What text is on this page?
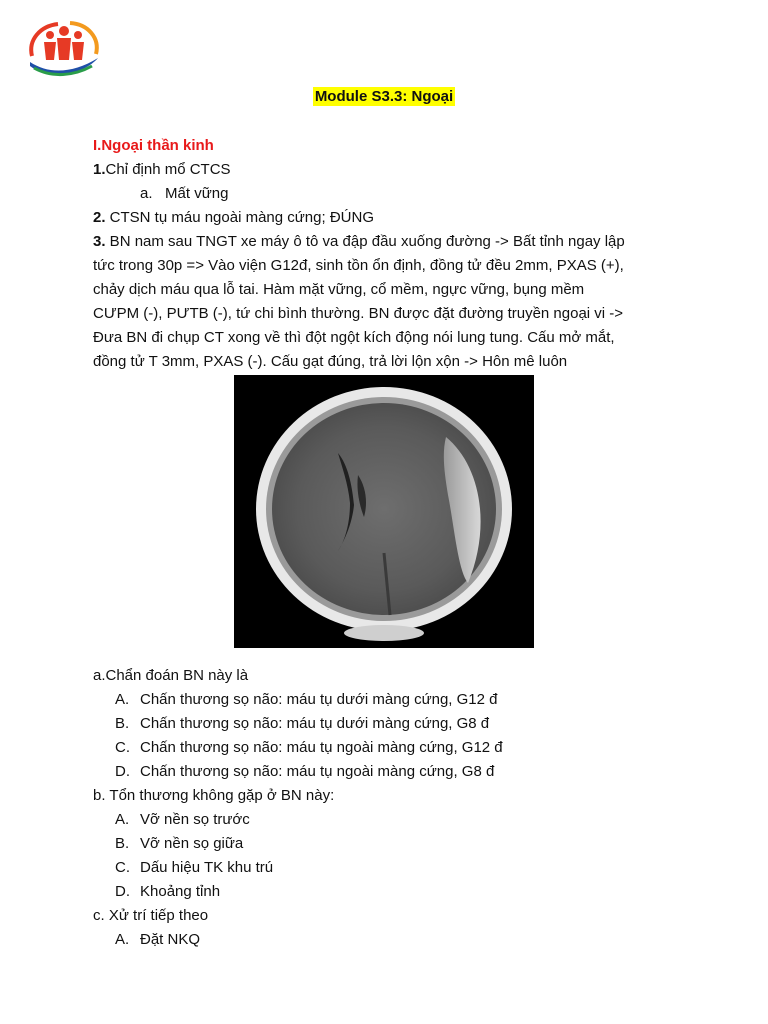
Module S3.3: Ngoại

I.Ngoại thần kinh

1.Chỉ định mổ CTCS

a. Mất vững

2. CTSN tụ máu ngoài màng cứng; ĐÚNG

3. BN nam sau TNGT xe máy ô tô va đập đầu xuống đường -> Bất tỉnh ngay lập

tức trong 30p => Vào viện G12đ, sinh tồn ổn định, đồng tử đều 2mm, PXAS (+),

chảy dịch máu qua lỗ tai. Hàm mặt vững, cổ mềm, ngực vững, bụng mềm

CƯPM (-), PƯTB (-), tứ chi bình thường. BN được đặt đường truyền ngoại vi ->

Đưa BN đi chụp CT xong về thì đột ngột kích động nói lung tung. Cấu mở mắt,

đồng tử T 3mm, PXAS (-). Cấu gạt đúng, trả lời lộn xộn -> Hôn mê luôn

a.Chẩn đoán BN này là

A. Chấn thương sọ não: máu tụ dưới màng cứng, G12 đ
B. Chấn thương sọ não: máu tụ dưới màng cứng, G8 đ
C. Chấn thương sọ não: máu tụ ngoài màng cứng, G12 đ
D. Chấn thương sọ não: máu tụ ngoài màng cứng, G8 đ

b. Tổn thương không gặp ở BN này:

A. Vỡ nền sọ trước
B. Vỡ nền sọ giữa
C. Dấu hiệu TK khu trú
D. Khoảng tỉnh

c. Xử trí tiếp theo

A. Đặt NKQ
